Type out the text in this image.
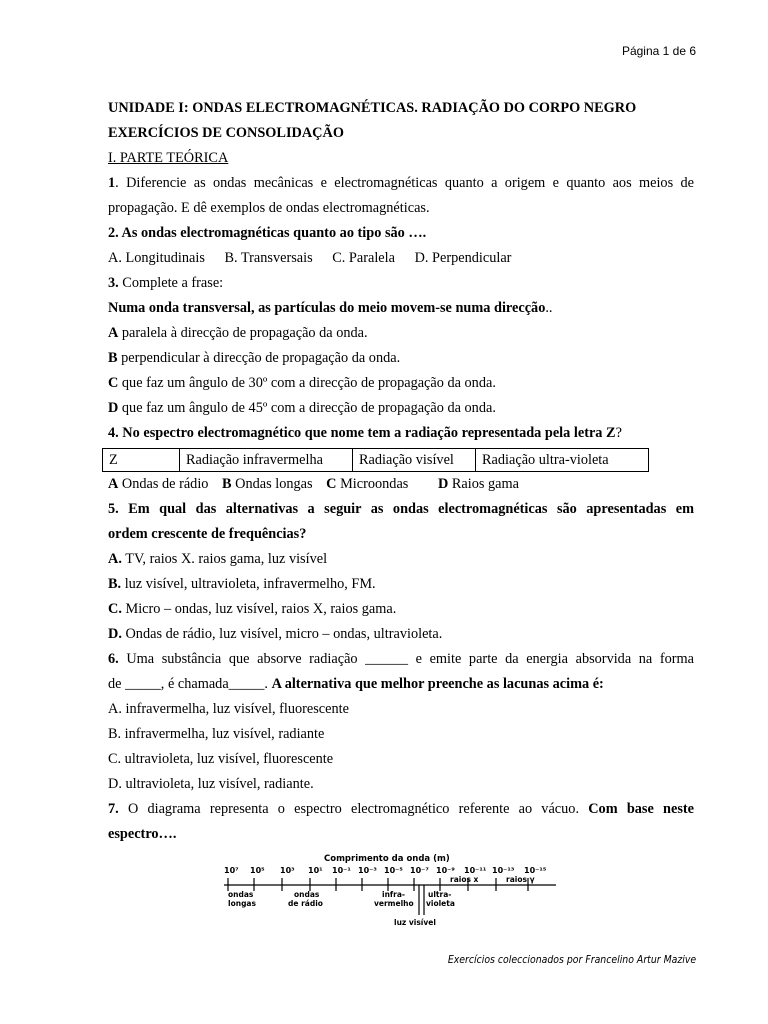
Página 1 de 6
UNIDADE I: ONDAS ELECTROMAGNÉTICAS. RADIAÇÃO DO CORPO NEGRO
EXERCÍCIOS DE CONSOLIDAÇÃO
I. PARTE TEÓRICA
1. Diferencie as ondas mecânicas e electromagnéticas quanto a origem e quanto aos meios de
propagação. E dê exemplos de ondas electromagnéticas.
2. As ondas electromagnéticas quanto ao tipo são ….
A. Longitudinais B. Transversais C. Paralela D. Perpendicular
3. Complete a frase:
Numa onda transversal, as partículas do meio movem-se numa direcção..
A paralela à direcção de propagação da onda.
B perpendicular à direcção de propagação da onda.
C que faz um ângulo de 30º com a direcção de propagação da onda.
D que faz um ângulo de 45º com a direcção de propagação da onda.
4. No espectro electromagnético que nome tem a radiação representada pela letra Z?
Z	Radiação infravermelha	Radiação visível	Radiação ultra-violeta
A Ondas de rádio B Ondas longas C Microondas D Raios gama
5. Em qual das alternativas a seguir as ondas electromagnéticas são apresentadas em
ordem crescente de frequências?
A. TV, raios X. raios gama, luz visível
B. luz visível, ultravioleta, infravermelho, FM.
C. Micro – ondas, luz visível, raios X, raios gama.
D. Ondas de rádio, luz visível, micro – ondas, ultravioleta.
6. Uma substância que absorve radiação ______ e emite parte da energia absorvida na forma
de _____, é chamada_____. A alternativa que melhor preenche as lacunas acima é:
A. infravermelha, luz visível, fluorescente
B. infravermelha, luz visível, radiante
C. ultravioleta, luz visível, fluorescente
D. ultravioleta, luz visível, radiante.
7. O diagrama representa o espectro electromagnético referente ao vácuo. Com base neste
espectro….
Comprimento da onda (m)
10⁷ 10⁵ 10³ 10¹ 10⁻¹ 10⁻³ 10⁻⁵ 10⁻⁷ 10⁻⁹ 10⁻¹¹ 10⁻¹³ 10⁻¹⁵
raios x	raios γ
ondas
longas
ondas
de rádio
infra-
vermelho
ultra-
violeta
luz visível
Exercícios coleccionados por Francelino Artur Mazive
